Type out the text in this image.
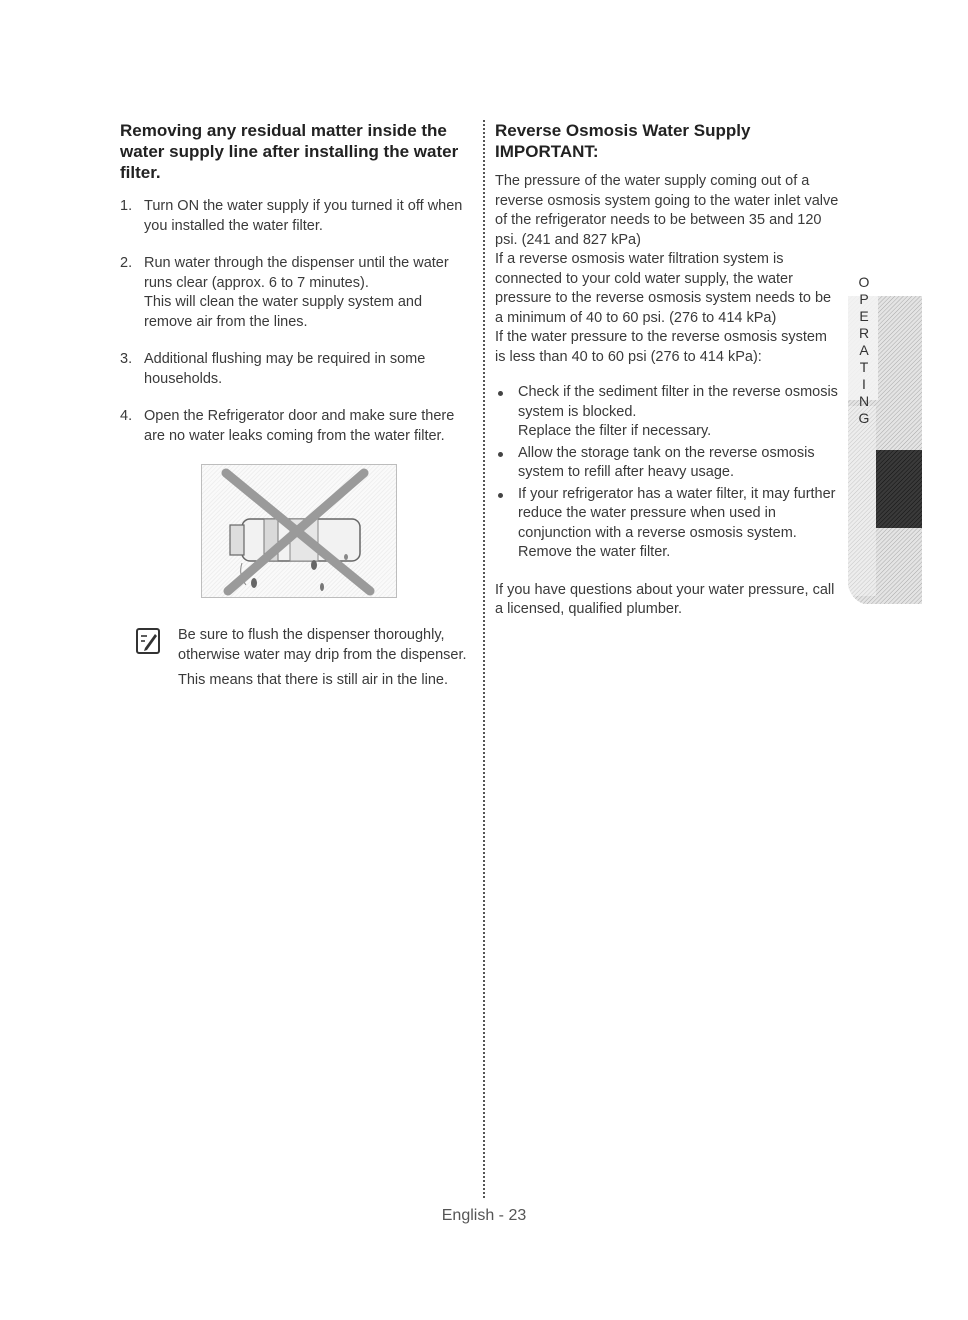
Removing any residual matter inside the water supply line after installing the water filter.
1. Turn ON the water supply if you turned it off when you installed the water filter.

2. Run water through the dispenser until the water runs clear (approx. 6 to 7 minutes).

This will clean the water supply system and remove air from the lines.

3. Additional flushing may be required in some households.

4. Open the Refrigerator door and make sure there are no water leaks coming from the water filter.

Be sure to flush the dispenser thoroughly, otherwise water may drip from the dispenser.

This means that there is still air in the line.

Reverse Osmosis Water Supply
IMPORTANT:

The pressure of the water supply coming out of a reverse osmosis system going to the water inlet valve of the refrigerator needs to be between 35 and 120 psi. (241 and 827 kPa)

If a reverse osmosis water filtration system is connected to your cold water supply, the water pressure to the reverse osmosis system needs to be a minimum of 40 to 60 psi. (276 to 414 kPa)

If the water pressure to the reverse osmosis system is less than 40 to 60 psi (276 to 414 kPa):

Check if the sediment filter in the reverse osmosis system is blocked.

Replace the filter if necessary.

Allow the storage tank on the reverse osmosis system to refill after heavy usage.

If your refrigerator has a water filter, it may further reduce the water pressure when used in conjunction with a reverse osmosis system.

Remove the water filter.

If you have questions about your water pressure, call a licensed, qualified plumber.

OPERATING
English - 23
